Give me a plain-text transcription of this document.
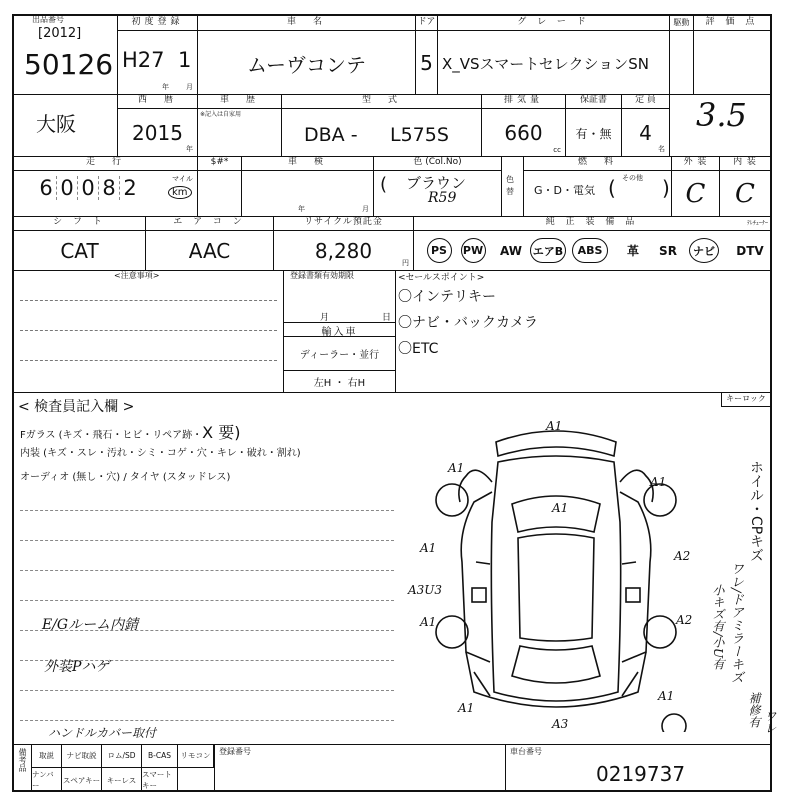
出品番号
[2012]
50126
初度登録
H27 1
年 月
車　名
ムーヴコンテ
ドア
5
グ レ ー ド
X_VSスマートセレクションSN
駆動	評 価 点
大阪
西　暦
2015
年
車　歴
※記入は自家用
型　式
DBA - L575S
排気量
660
cc
保証書
有・無
定 員
4
名
3.5
走　行
6 0 0 8 2	マイル
km
$#*	車　検
年	月
色 (Col.No)
ブラウン
R59
(	色替
燃　料
G・D・電気
その他
( )
外 装
C
内 装
C
シ フ ト
CAT
エ ア コ ン
AAC
リサイクル預託金
8,280	円
純 正 装 備 品	ﾃﾚﾁｭｰﾅｰ
PS	PW	AW エアB	ABS	革	SR	ナビ	DTV
<注意事項>	登録書類有効期限
月	日
輸入車
ディーラー・並行
左H ・ 右H
<セールスポイント>
〇インテリキー
〇ナビ・バックカメラ
〇ETC
< 検査員記入欄 >
Fガラス (キズ・飛石・ヒビ・リペア跡・X 要)
内装 (キズ・スレ・汚れ・シミ・コゲ・穴・キレ・破れ・割れ)
オーディオ (無し・穴) / タイヤ (スタッドレス)
E/Gルーム内錆
外装Pハゲ
ハンドルカバー取付
キーロック
ホイル・CPキズ
ワレ/ドアミラーキズ
小キズ有/小U有
ワレ
補修有
A1
A1
A1
A1
A1
A3U3
A1
A2
A2
A1
A1
A3
備考品	取説	ナビ取説	ロム/SD	B-CAS	リモコン
ナンバー
スペアキー キーレス
スマートキー
登録番号	車台番号
0219737
